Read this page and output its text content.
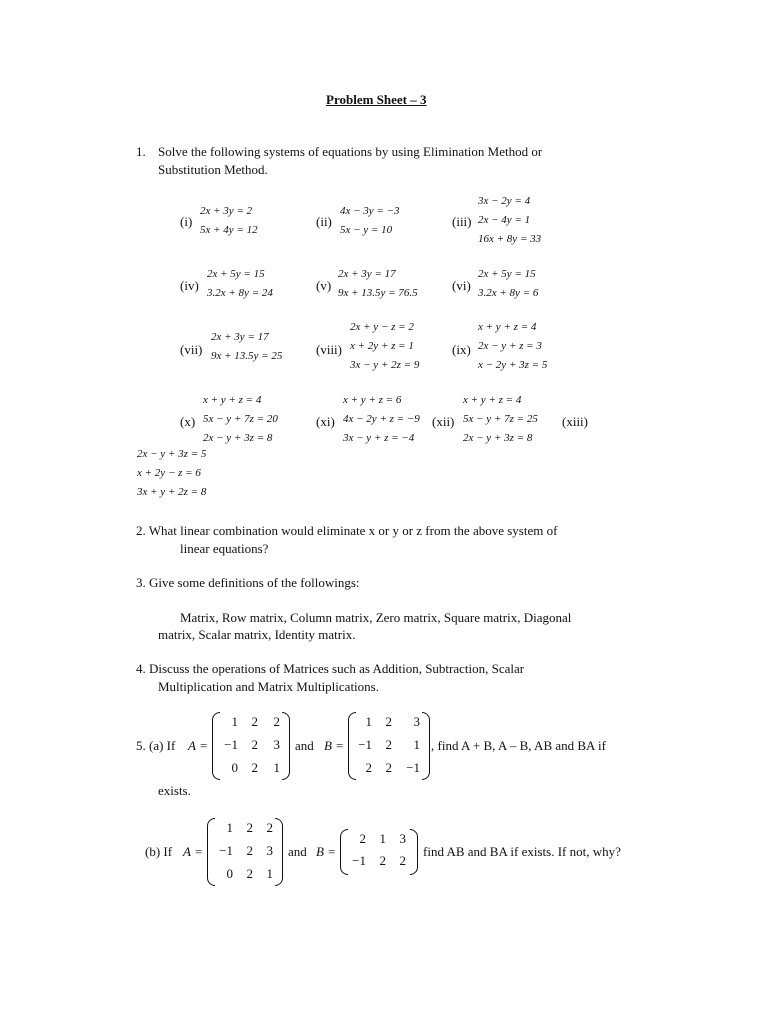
Problem Sheet – 3
1. Solve the following systems of equations by using Elimination Method or
Substitution Method.
(i)
2x + 3y = 2
5x + 4y = 12
(ii)
4x − 3y = −3
5x − y = 10
(iii)
3x − 2y = 4
2x − 4y = 1
16x + 8y = 33
(iv)
2x + 5y = 15
3.2x + 8y = 24	(v)
2x + 3y = 17
9x + 13.5y = 76.5	(vi)
2x + 5y = 15
3.2x + 8y = 6
(vii)
2x + 3y = 17
9x + 13.5y = 25	(viii)
2x + y − z = 2
x + 2y + z = 1
3x − y + 2z = 9
(ix)
x + y + z = 4
2x − y + z = 3
x − 2y + 3z = 5
(x)
x + y + z = 4
5x − y + 7z = 20
2x − y + 3z = 8
(xi)
x + y + z = 6
4x − 2y + z = −9
3x − y + z = −4
(xii)
x + y + z = 4
5x − y + 7z = 25
2x − y + 3z = 8
(xiii)
2x − y + 3z = 5
x + 2y − z = 6
3x + y + 2z = 8
2. What linear combination would eliminate x or y or z from the above system of
linear equations?
3. Give some definitions of the followings:
Matrix, Row matrix, Column matrix, Zero matrix, Square matrix, Diagonal
matrix, Scalar matrix, Identity matrix.
4. Discuss the operations of Matrices such as Addition, Subtraction, Scalar
Multiplication and Matrix Multiplications.
5. (a) If A =
1	2	2
−1	2	3
0	2	1
and B =
1	2	3
−1	2	1
2	2	−1
, find A + B, A – B, AB and BA if
exists.
(b) If A =
1	2	2
−1	2	3
0	2	1
and B =
2	1	3
−1	2	2
find AB and BA if exists. If not, why?
